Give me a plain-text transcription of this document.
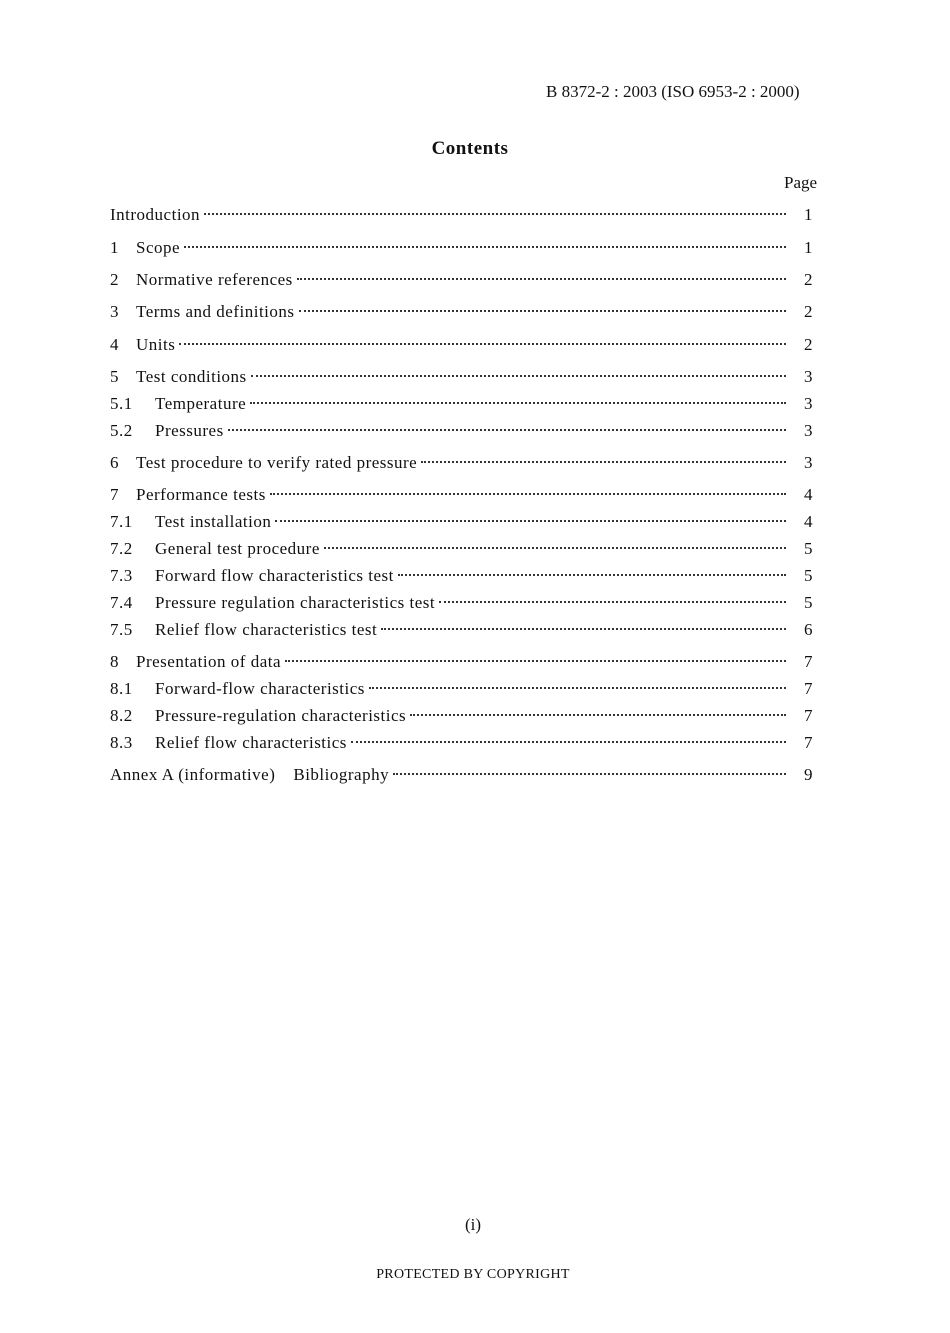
B 8372-2 : 2003 (ISO 6953-2 : 2000)
Contents
Page
Introduction	1
1	Scope	1
2	Normative references	2
3	Terms and definitions	2
4	Units	2
5	Test conditions	3
5.1	Temperature	3
5.2	Pressures	3
6	Test procedure to verify rated pressure	3
7	Performance tests	4
7.1	Test installation	4
7.2	General test procedure	5
7.3	Forward flow characteristics test	5
7.4	Pressure regulation characteristics test	5
7.5	Relief flow characteristics test	6
8	Presentation of data	7
8.1	Forward-flow characteristics	7
8.2	Pressure-regulation characteristics	7
8.3	Relief flow characteristics	7
Annex A (informative) Bibliography	9
(i)
PROTECTED BY COPYRIGHT
